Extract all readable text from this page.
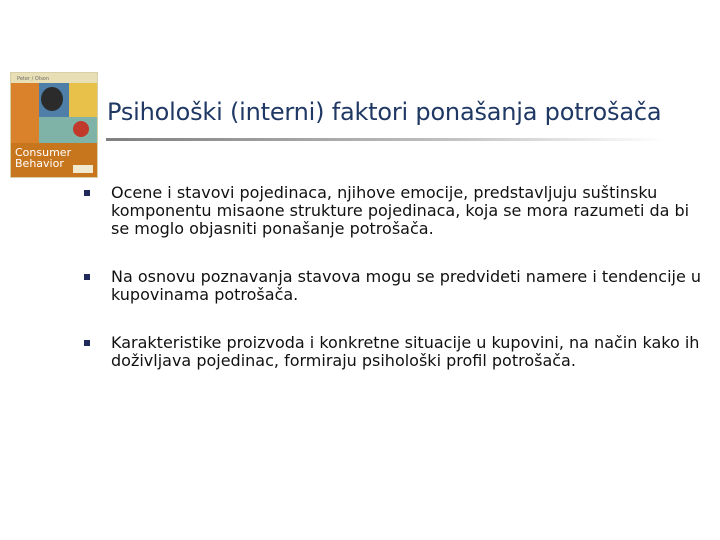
Peter / Olson
Consumer
Behavior
Psihološki (interni) faktori ponašanja potrošača
Ocene i stavovi pojedinaca, njihove emocije, predstavljuju suštinsku komponentu misaone strukture pojedinaca, koja se mora razumeti da bi se moglo objasniti ponašanje potrošača.
Na osnovu poznavanja stavova mogu se predvideti namere i tendencije u kupovinama potrošača.
Karakteristike proizvoda i konkretne situacije u kupovini, na način kako ih doživljava pojedinac, formiraju psihološki profil potrošača.
